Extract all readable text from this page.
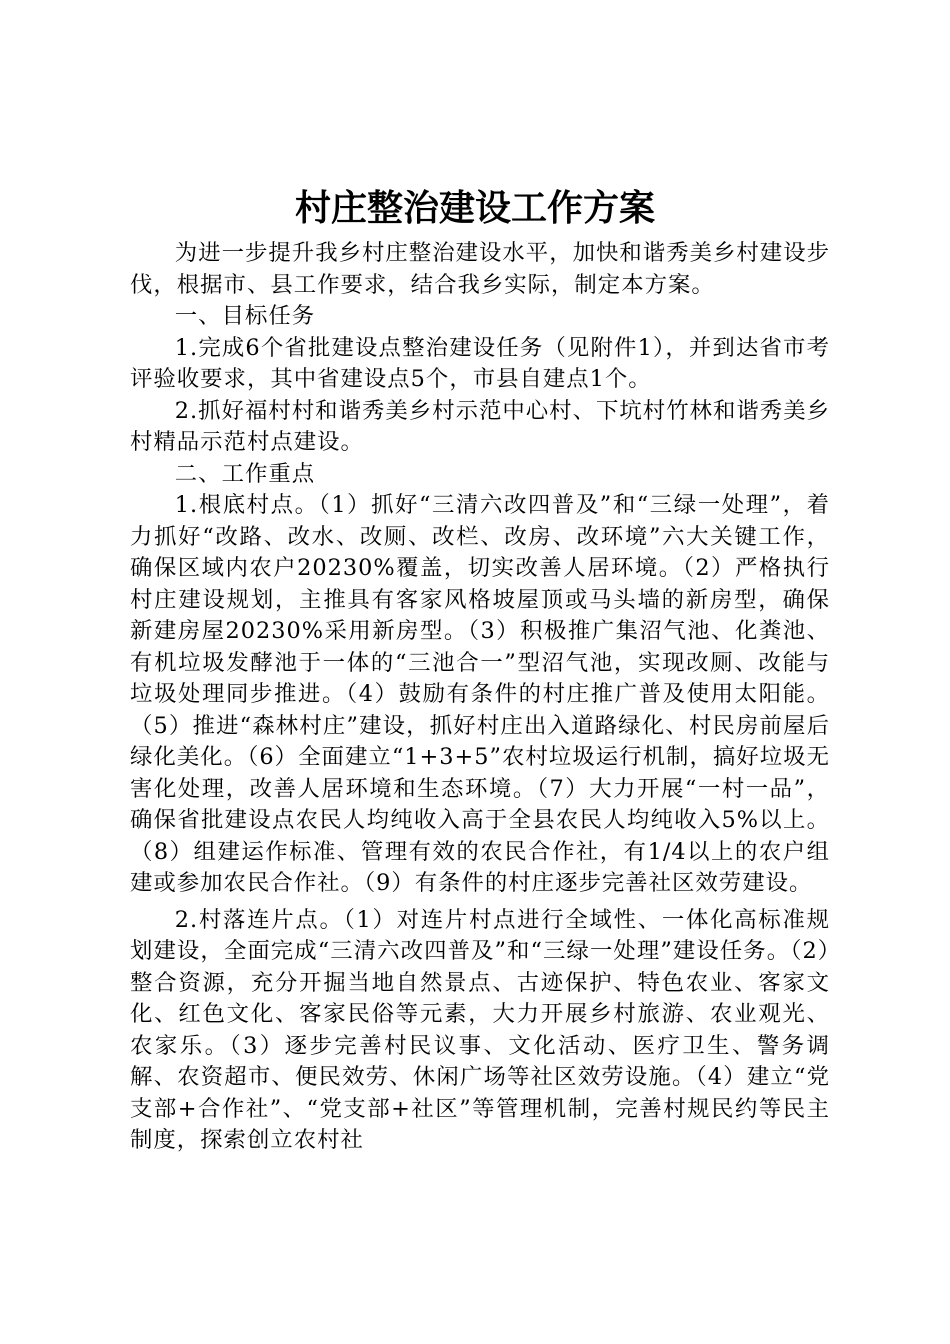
村庄整治建设工作方案

为进一步提升我乡村庄整治建设水平，加快和谐秀美乡村建设步伐，根据市、县工作要求，结合我乡实际，制定本方案。

一、目标任务

1.完成6个省批建设点整治建设任务（见附件1），并到达省市考评验收要求，其中省建设点5个，市县自建点1个。

2.抓好福村村和谐秀美乡村示范中心村、下坑村竹林和谐秀美乡村精品示范村点建设。

二、工作重点

1.根底村点。（1）抓好“三清六改四普及”和“三绿一处理”，着力抓好“改路、改水、改厕、改栏、改房、改环境”六大关键工作，确保区域内农户20230%覆盖，切实改善人居环境。（2）严格执行村庄建设规划，主推具有客家风格坡屋顶或马头墙的新房型，确保新建房屋20230%采用新房型。（3）积极推广集沼气池、化粪池、有机垃圾发酵池于一体的“三池合一”型沼气池，实现改厕、改能与垃圾处理同步推进。（4）鼓励有条件的村庄推广普及使用太阳能。（5）推进“森林村庄”建设，抓好村庄出入道路绿化、村民房前屋后绿化美化。（6）全面建立“1+3+5”农村垃圾运行机制，搞好垃圾无害化处理，改善人居环境和生态环境。（7）大力开展“一村一品”，确保省批建设点农民人均纯收入高于全县农民人均纯收入5%以上。（8）组建运作标准、管理有效的农民合作社，有1/4以上的农户组建或参加农民合作社。（9）有条件的村庄逐步完善社区效劳建设。

2.村落连片点。（1）对连片村点进行全域性、一体化高标准规划建设，全面完成“三清六改四普及”和“三绿一处理”建设任务。（2）整合资源，充分开掘当地自然景点、古迹保护、特色农业、客家文化、红色文化、客家民俗等元素，大力开展乡村旅游、农业观光、农家乐。（3）逐步完善村民议事、文化活动、医疗卫生、警务调解、农资超市、便民效劳、休闲广场等社区效劳设施。（4）建立“党支部+合作社”、“党支部+社区”等管理机制，完善村规民约等民主制度，探索创立农村社
